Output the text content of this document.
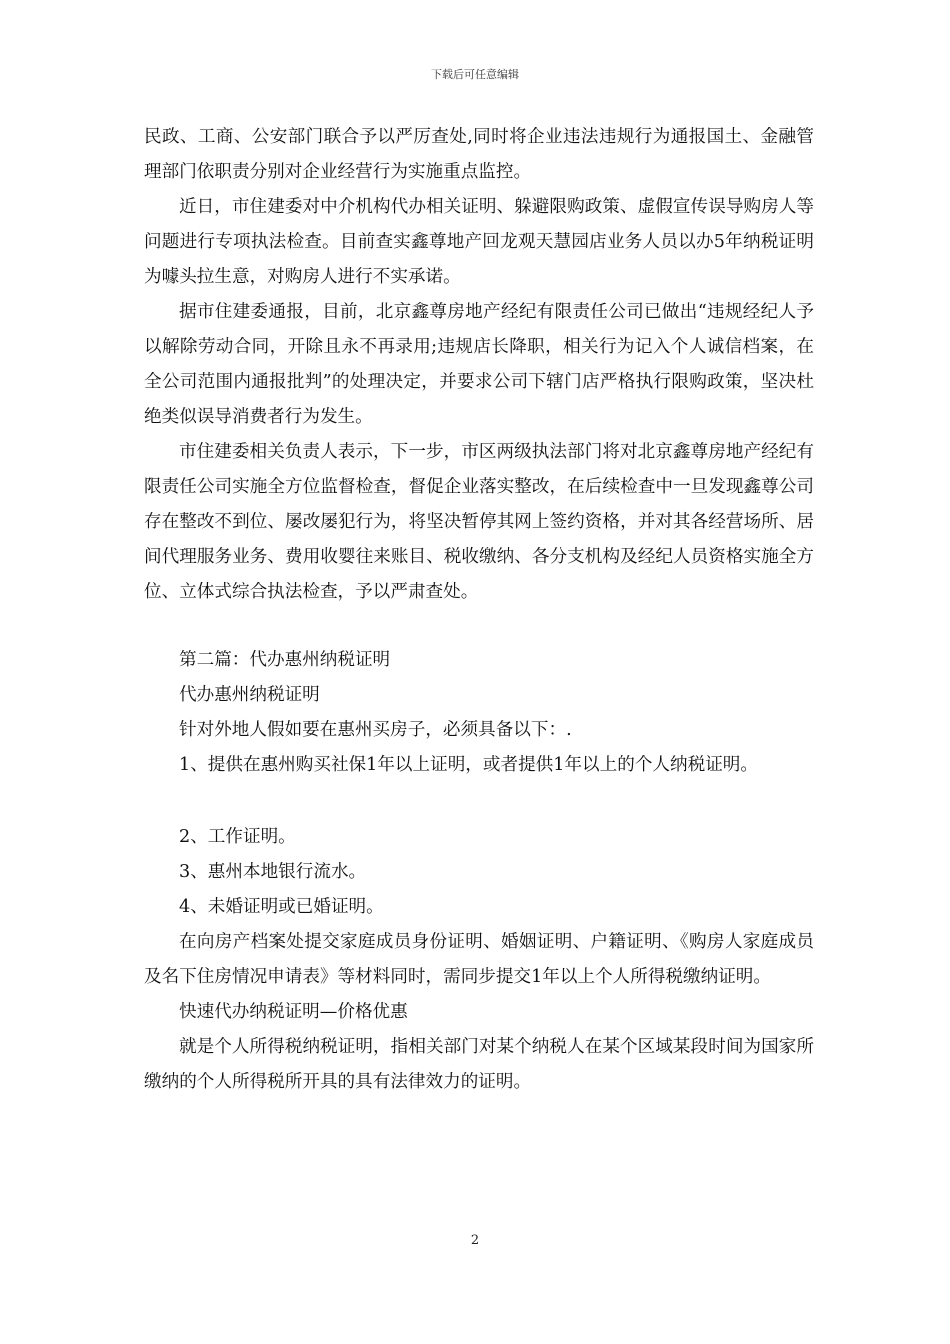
下载后可任意编辑

民政、工商、公安部门联合予以严厉查处,同时将企业违法违规行为通报国土、金融管理部门依职责分别对企业经营行为实施重点监控。

近日，市住建委对中介机构代办相关证明、躲避限购政策、虚假宣传误导购房人等问题进行专项执法检查。目前查实鑫尊地产回龙观天慧园店业务人员以办5年纳税证明为噱头拉生意，对购房人进行不实承诺。

据市住建委通报，目前，北京鑫尊房地产经纪有限责任公司已做出“违规经纪人予以解除劳动合同，开除且永不再录用;违规店长降职，相关行为记入个人诚信档案，在全公司范围内通报批判”的处理决定，并要求公司下辖门店严格执行限购政策，坚决杜绝类似误导消费者行为发生。

市住建委相关负责人表示，下一步，市区两级执法部门将对北京鑫尊房地产经纪有限责任公司实施全方位监督检查，督促企业落实整改，在后续检查中一旦发现鑫尊公司存在整改不到位、屡改屡犯行为，将坚决暂停其网上签约资格，并对其各经营场所、居间代理服务业务、费用收婴往来账目、税收缴纳、各分支机构及经纪人员资格实施全方位、立体式综合执法检查，予以严肃查处。

第二篇：代办惠州纳税证明

代办惠州纳税证明

针对外地人假如要在惠州买房子，必须具备以下：.

1、提供在惠州购买社保1年以上证明，或者提供1年以上的个人纳税证明。

2、工作证明。

3、惠州本地银行流水。

4、未婚证明或已婚证明。

在向房产档案处提交家庭成员身份证明、婚姻证明、户籍证明、《购房人家庭成员及名下住房情况申请表》等材料同时，需同步提交1年以上个人所得税缴纳证明。

快速代办纳税证明—价格优惠

就是个人所得税纳税证明，指相关部门对某个纳税人在某个区域某段时间为国家所缴纳的个人所得税所开具的具有法律效力的证明。

2
